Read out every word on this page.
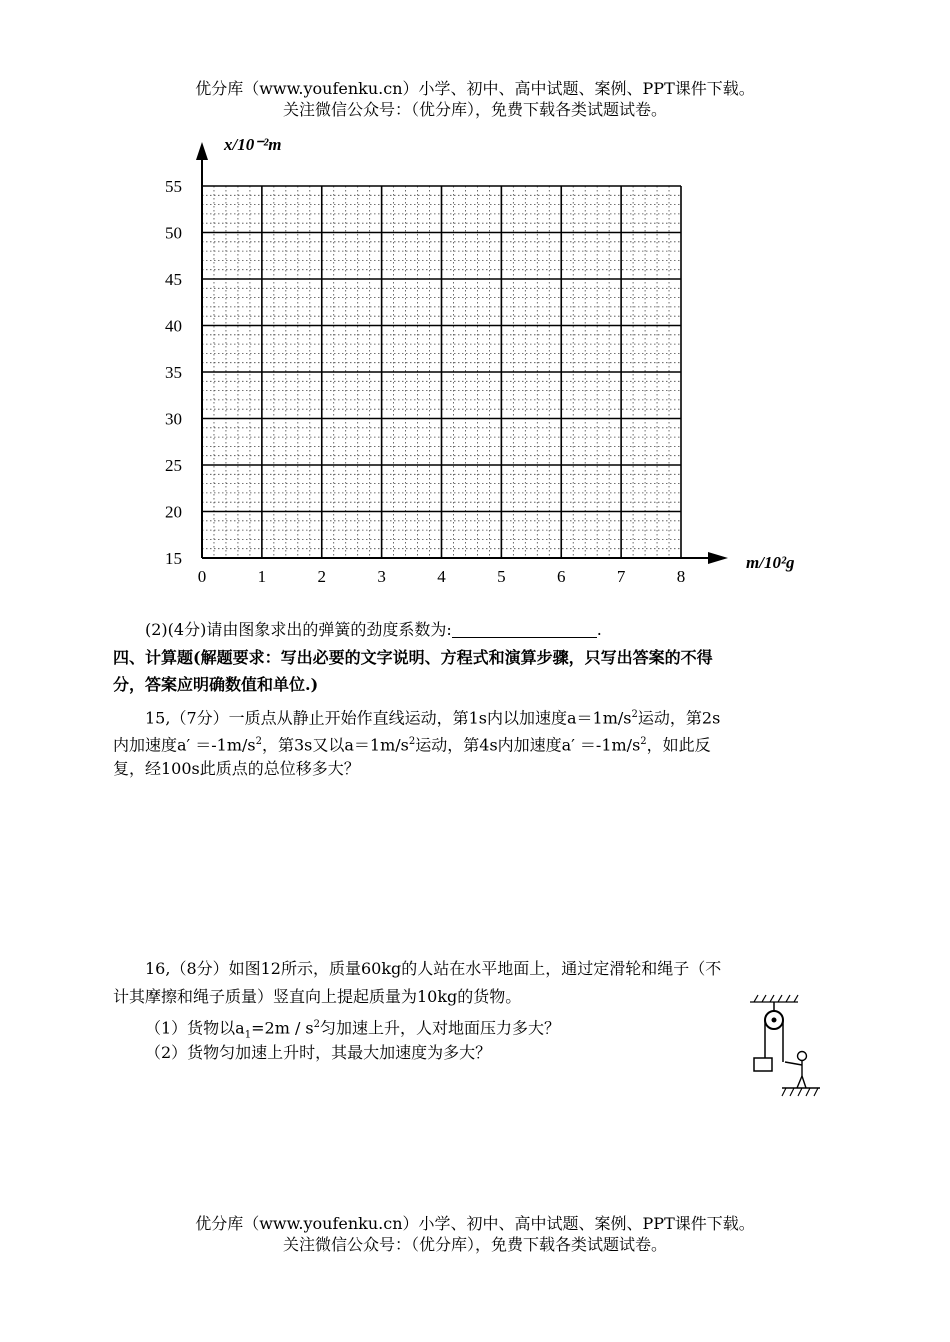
优分库（www.youfenku.cn）小学、初中、高中试题、案例、PPT课件下载。
关注微信公众号：（优分库），免费下载各类试题试卷。
15
20
25
30
35
40
45
50
55
0	1	2	3	4	5	6	7	8
x/10⁻²m
m/10²g
(2)(4分)请由图象求出的弹簧的劲度系数为:	.
四、计算题(解题要求：写出必要的文字说明、方程式和演算步骤，只写出答案的不得
分，答案应明确数值和单位.)
15,（7分）一质点从静止开始作直线运动，第1s内以加速度$a=1m/s^2$运动，第2s
内加速度$a' =-1m/s^2$，第3s又以$a=1m/s^2$运动，第4s内加速度$a' =-1m/s^2$，如此反
复，经100s此质点的总位移多大？
16,（8分）如图12所示，质量60kg的人站在水平地面上，通过定滑轮和绳子（不
计其摩擦和绳子质量）竖直向上提起质量为10kg的货物。
（1）货物以$a_1=2m / s^2$匀加速上升，人对地面压力多大？
（2）货物匀加速上升时，其最大加速度为多大？
优分库（www.youfenku.cn）小学、初中、高中试题、案例、PPT课件下载。
关注微信公众号：（优分库），免费下载各类试题试卷。
